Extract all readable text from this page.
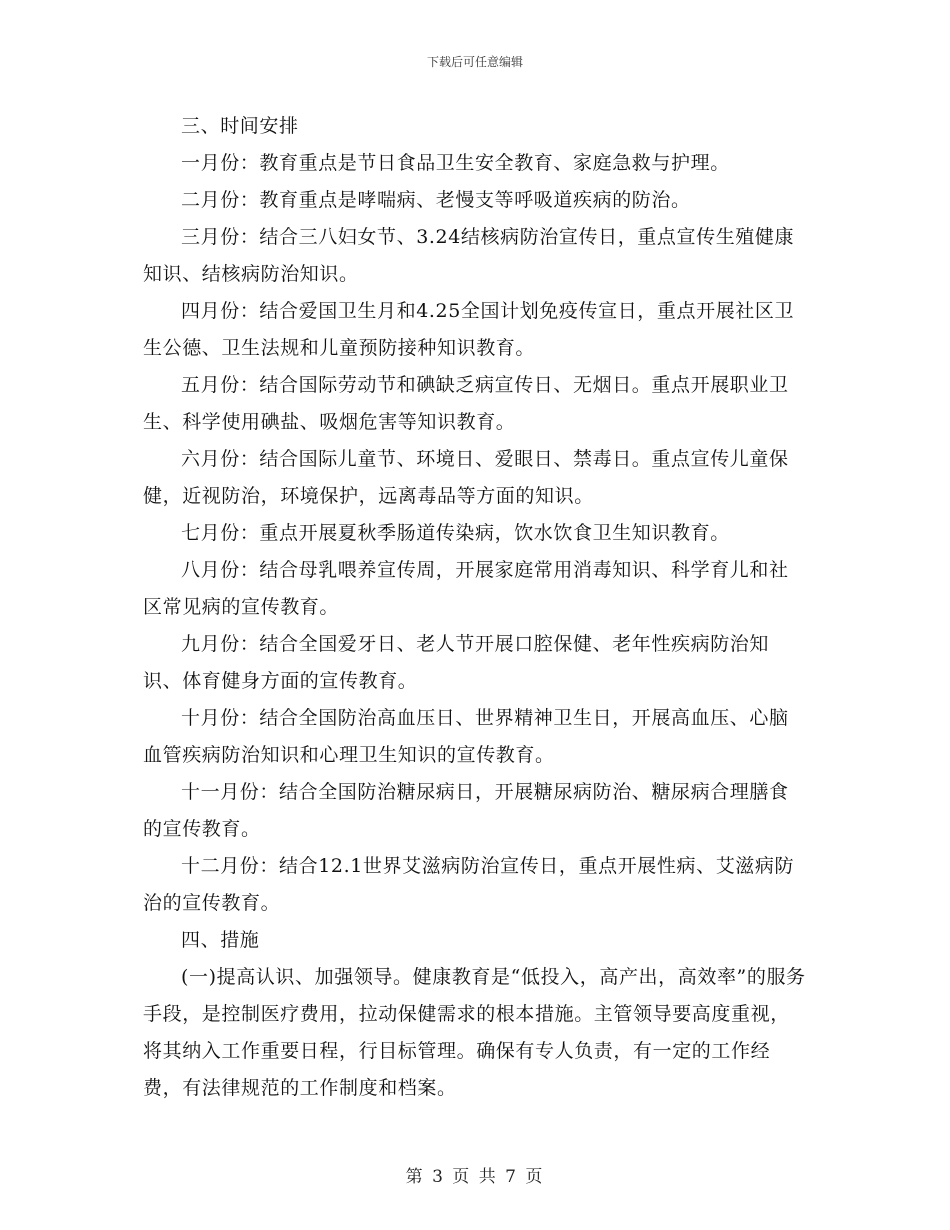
下载后可任意编辑

三、时间安排

一月份：教育重点是节日食品卫生安全教育、家庭急救与护理。

二月份：教育重点是哮喘病、老慢支等呼吸道疾病的防治。

三月份：结合三八妇女节、3.24结核病防治宣传日，重点宣传生殖健康知识、结核病防治知识。

四月份：结合爱国卫生月和4.25全国计划免疫传宣日，重点开展社区卫生公德、卫生法规和儿童预防接种知识教育。

五月份：结合国际劳动节和碘缺乏病宣传日、无烟日。重点开展职业卫生、科学使用碘盐、吸烟危害等知识教育。

六月份：结合国际儿童节、环境日、爱眼日、禁毒日。重点宣传儿童保健，近视防治，环境保护，远离毒品等方面的知识。

七月份：重点开展夏秋季肠道传染病，饮水饮食卫生知识教育。

八月份：结合母乳喂养宣传周，开展家庭常用消毒知识、科学育儿和社区常见病的宣传教育。

九月份：结合全国爱牙日、老人节开展口腔保健、老年性疾病防治知识、体育健身方面的宣传教育。

十月份：结合全国防治高血压日、世界精神卫生日，开展高血压、心脑血管疾病防治知识和心理卫生知识的宣传教育。

十一月份：结合全国防治糖尿病日，开展糖尿病防治、糖尿病合理膳食的宣传教育。

十二月份：结合12.1世界艾滋病防治宣传日，重点开展性病、艾滋病防治的宣传教育。

四、措施

(一)提高认识、加强领导。健康教育是“低投入，高产出，高效率”的服务手段，是控制医疗费用，拉动保健需求的根本措施。主管领导要高度重视，将其纳入工作重要日程，行目标管理。确保有专人负责，有一定的工作经费，有法律规范的工作制度和档案。

第 3 页 共 7 页
